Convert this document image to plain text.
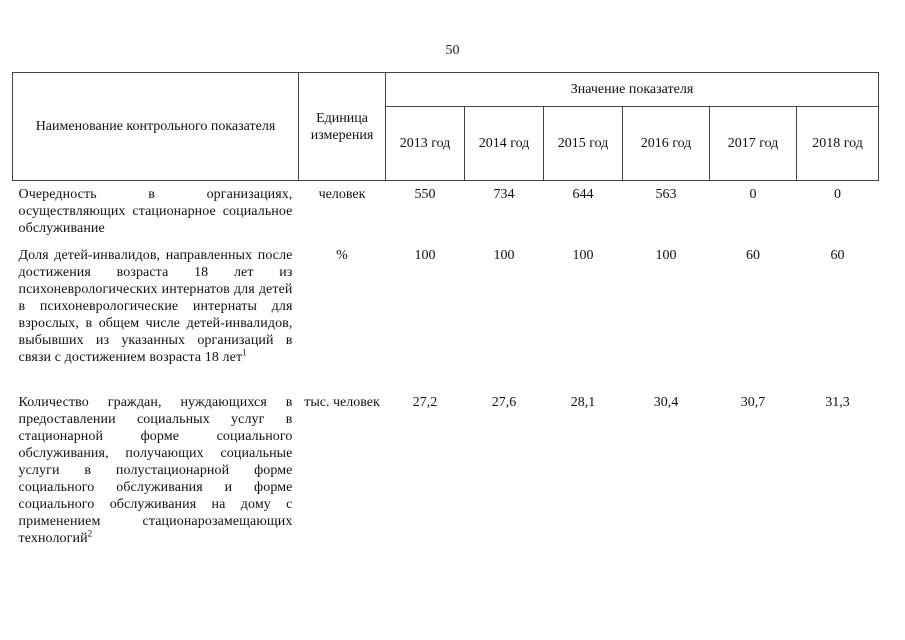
50
Наименование контрольного показателя	Единица измерения	Значение показателя					
		2013 год	2014 год	2015 год	2016 год	2017 год	2018 год
Очередность в организациях, осуществляющих стационарное социальное обслуживание	человек	550	734	644	563	0	0
Доля детей-инвалидов, направленных после достижения возраста 18 лет из психоневрологических интернатов для детей в психоневрологические интернаты для взрослых, в общем числе детей-инвалидов, выбывших из указанных организаций в связи с достижением возраста 18 лет$^1$	%	100	100	100	100	60	60
Количество граждан, нуждающихся в предоставлении социальных услуг в стационарной форме социального обслуживания, получающих социальные услуги в полустационарной форме социального обслуживания и форме социального обслуживания на дому с применением стационарозамещающих технологий$^2$	тыс. человек	27,2	27,6	28,1	30,4	30,7	31,3
